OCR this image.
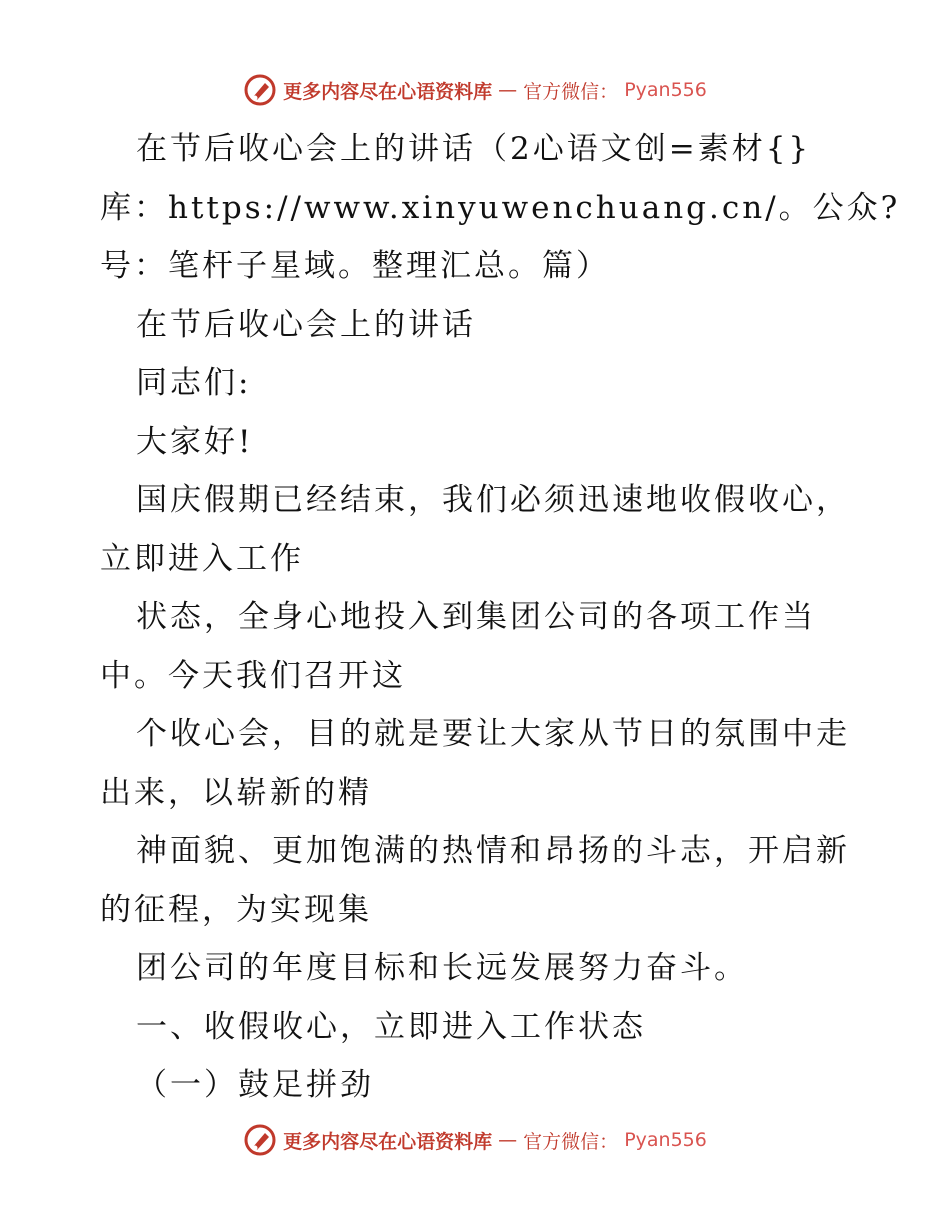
更多内容尽在心语资料库 — 官方微信： Pyan556
在节后收心会上的讲话（2心语文创=素材{}
库：https://www.xinyuwenchuang.cn/。公众?
号：笔杆子星域。整理汇总。篇）
在节后收心会上的讲话
同志们:
大家好!
国庆假期已经结束，我们必须迅速地收假收心，
立即进入工作
状态，全身心地投入到集团公司的各项工作当
中。今天我们召开这
个收心会，目的就是要让大家从节日的氛围中走
出来，以崭新的精
神面貌、更加饱满的热情和昂扬的斗志，开启新
的征程，为实现集
团公司的年度目标和长远发展努力奋斗。
一、收假收心，立即进入工作状态
（一）鼓足拼劲
更多内容尽在心语资料库 — 官方微信： Pyan556
